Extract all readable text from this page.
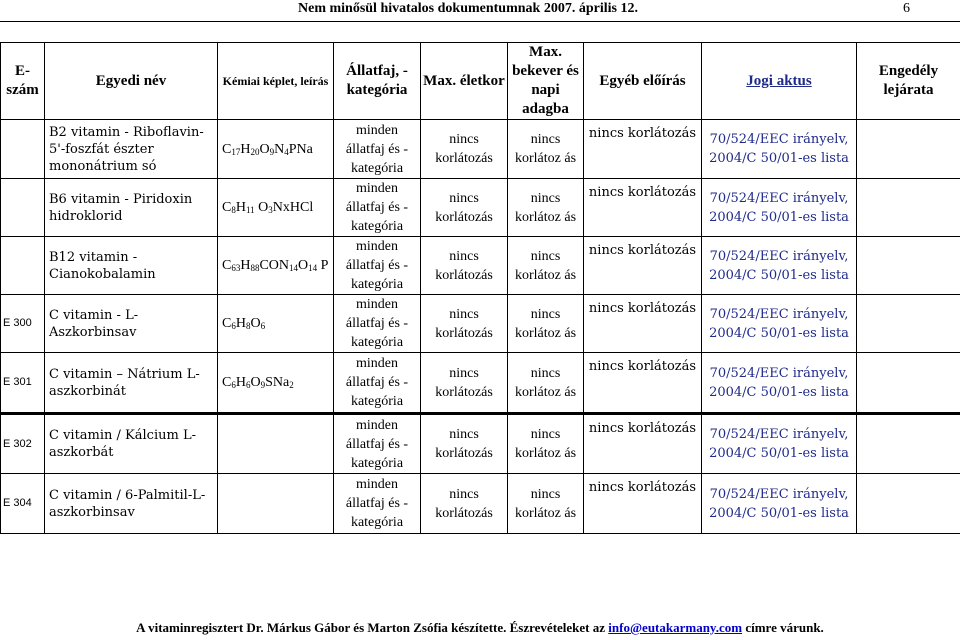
Nem minősül hivatalos dokumentumnak 2007. április 12.	6
E-szám	Egyedi név	Kémiai képlet, leírás	Állatfaj, -kategória	Max. életkor	Max. bekever és napi adagba	Egyéb előírás	Jogi aktus	Engedély lejárata
	B2 vitamin - Riboflavin-5'-foszfát észter mononátrium só	$C_{17}H_{20}O_9N_4PNa$	minden állatfaj és -kategória	nincs korlátozás	nincs korlátoz ás	nincs korlátozás	70/524/EEC irányelv, 2004/C 50/01-es lista	
	B6 vitamin - Piridoxin hidroklorid	$C_8H_{11}$ $O_3NxHCl$	minden állatfaj és -kategória	nincs korlátozás	nincs korlátoz ás	nincs korlátozás	70/524/EEC irányelv, 2004/C 50/01-es lista	
	B12 vitamin - Cianokobalamin	$C_{63}H_{88}CON_{14}O_{14}$ P	minden állatfaj és -kategória	nincs korlátozás	nincs korlátoz ás	nincs korlátozás	70/524/EEC irányelv, 2004/C 50/01-es lista	
E 300	C vitamin - L-Aszkorbinsav	$C_6H_8O_6$	minden állatfaj és -kategória	nincs korlátozás	nincs korlátoz ás	nincs korlátozás	70/524/EEC irányelv, 2004/C 50/01-es lista	
E 301	C vitamin – Nátrium L-aszkorbinát	$C_6H_6O_9SNa_2$	minden állatfaj és -kategória	nincs korlátozás	nincs korlátoz ás	nincs korlátozás	70/524/EEC irányelv, 2004/C 50/01-es lista	
E 302	C vitamin / Kálcium L-aszkorbát		minden állatfaj és -kategória	nincs korlátozás	nincs korlátoz ás	nincs korlátozás	70/524/EEC irányelv, 2004/C 50/01-es lista	
E 304	C vitamin / 6-Palmitil-L-aszkorbinsav		minden állatfaj és -kategória	nincs korlátozás	nincs korlátoz ás	nincs korlátozás	70/524/EEC irányelv, 2004/C 50/01-es lista	
A vitaminregisztert Dr. Márkus Gábor és Marton Zsófia készítette. Észrevételeket az info@eutakarmany.com címre várunk.
